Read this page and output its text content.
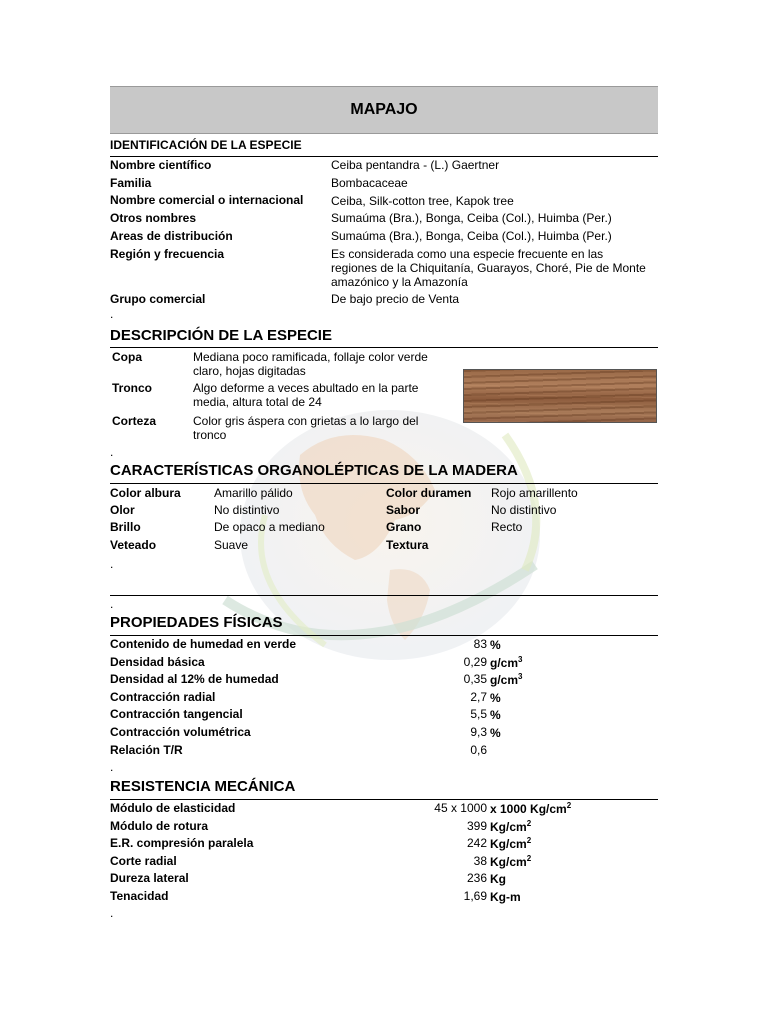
MAPAJO
IDENTIFICACIÓN DE LA ESPECIE
Nombre científico	Ceiba pentandra - (L.) Gaertner
Familia	Bombacaceae
Nombre comercial o internacional Ceiba, Silk-cotton tree, Kapok tree
Otros nombres	Sumaúma (Bra.), Bonga, Ceiba (Col.), Huimba (Per.)
Areas de distribución	Sumaúma (Bra.), Bonga, Ceiba (Col.), Huimba (Per.)
Región y frecuencia	Es considerada como una especie frecuente en las regiones de la Chiquitanía, Guarayos, Choré, Pie de Monte amazónico y la Amazonía
Grupo comercial	De bajo precio de Venta
.
DESCRIPCIÓN DE LA ESPECIE
Copa	Mediana poco ramificada, follaje color verde claro, hojas digitadas
Tronco	Algo deforme a veces abultado en la parte media, altura total de 24
Corteza	Color gris áspera con grietas a lo largo del tronco
.
CARACTERÍSTICAS ORGANOLÉPTICAS DE LA MADERA
Color albura	Amarillo pálido	Color duramen Rojo amarillento
Olor	No distintivo	Sabor	No distintivo
Brillo	De opaco a mediano	Grano	Recto
Veteado	Suave	Textura
.
.
PROPIEDADES FÍSICAS
Contenido de humedad en verde	83 %
Densidad básica	0,29 $g/cm^3$
Densidad al 12% de humedad	0,35 $g/cm^3$
Contracción radial	2,7 %
Contracción tangencial	5,5 %
Contracción volumétrica	9,3 %
Relación T/R	0,6
.
RESISTENCIA MECÁNICA
Módulo de elasticidad	45 x 1000 x 1000 $Kg/cm^2$
Módulo de rotura	399 $Kg/cm^2$
E.R. compresión paralela	242 $Kg/cm^2$
Corte radial	38 $Kg/cm^2$
Dureza lateral	236 Kg
Tenacidad	1,69 Kg-m
.
